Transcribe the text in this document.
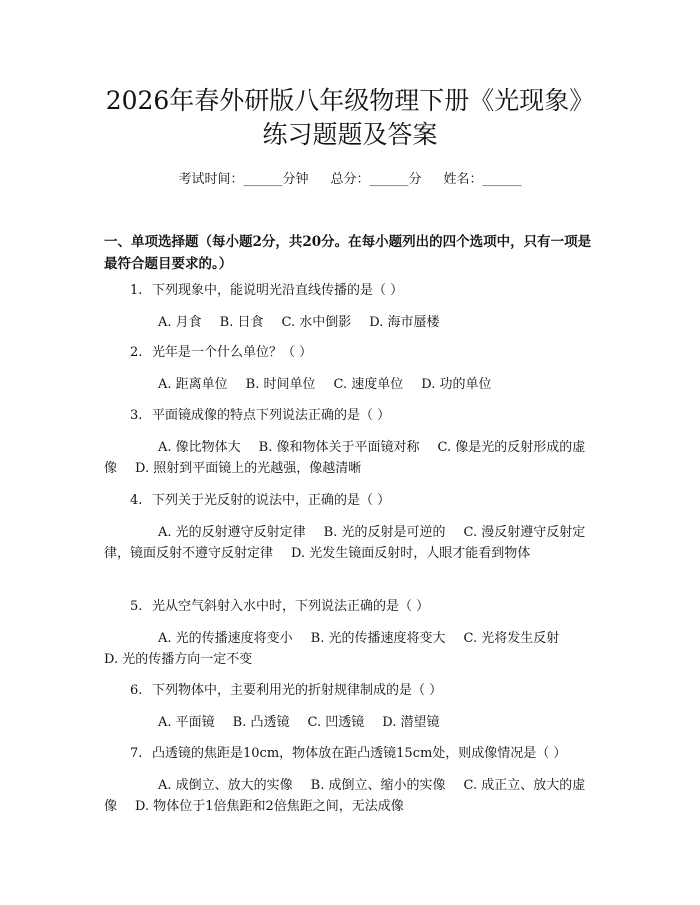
2026年春外研版八年级物理下册《光现象》
练习题题及答案
考试时间：______分钟 总分：______分 姓名：______
一、单项选择题（每小题2分，共20分。在每小题列出的四个选项中，只有一项是最符合题目要求的。）
1. 下列现象中，能说明光沿直线传播的是（ ）
A. 月食 B. 日食 C. 水中倒影 D. 海市蜃楼
2. 光年是一个什么单位？（ ）
A. 距离单位 B. 时间单位 C. 速度单位 D. 功的单位
3. 平面镜成像的特点下列说法正确的是（ ）
A. 像比物体大 B. 像和物体关于平面镜对称 C. 像是光的反射形成的虚像 D. 照射到平面镜上的光越强，像越清晰
4. 下列关于光反射的说法中，正确的是（ ）
A. 光的反射遵守反射定律 B. 光的反射是可逆的 C. 漫反射遵守反射定律，镜面反射不遵守反射定律 D. 光发生镜面反射时，人眼才能看到物体
5. 光从空气斜射入水中时，下列说法正确的是（ ）
A. 光的传播速度将变小 B. 光的传播速度将变大 C. 光将发生反射D. 光的传播方向一定不变
6. 下列物体中，主要利用光的折射规律制成的是（ ）
A. 平面镜 B. 凸透镜 C. 凹透镜 D. 潜望镜
7. 凸透镜的焦距是10cm，物体放在距凸透镜15cm处，则成像情况是（ ）
A. 成倒立、放大的实像 B. 成倒立、缩小的实像 C. 成正立、放大的虚像 D. 物体位于1倍焦距和2倍焦距之间，无法成像
